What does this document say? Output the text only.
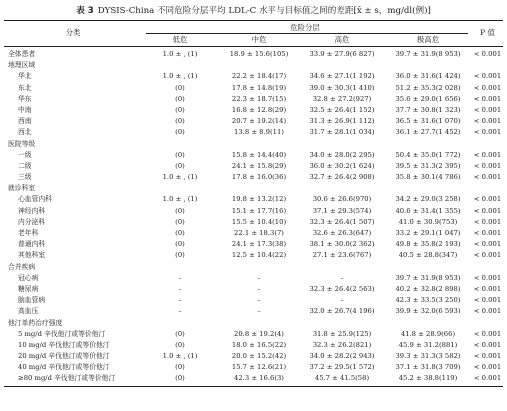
表 3 DYSIS-China 不同危险分层平均 LDL-C 水平与目标值之间的差距[x̄ ± s，mg/dl(例)]
分类
危险分层
低危	中危	高危	极高危
P 值
全体患者	1.0 ± , (1)	18.9 ± 15.6(105)	33.9 ± 27.9(6 827)	39.7 ± 31.9(8 953)	< 0.001
地理区域
华北	1.0 ± , (1)	22.2 ± 18.4(17)	34.6 ± 27.1(1 192)	36.0 ± 31.6(1 424)	< 0.001
东北	(0)	17.8 ± 14.8(19)	39.0 ± 30.3(1 410)	51.2 ± 35.3(2 028)	< 0.001
华东	(0)	22.3 ± 18.7(15)	32.8 ± 27.2(927)	35.6 ± 29.0(1 656)	< 0.001
中南	(0)	16.8 ± 12.8(29)	32.5 ± 26.4(1 152)	37.7 ± 30.8(1 323)	< 0.001
西南	(0)	20.7 ± 19.2(14)	31.3 ± 26.9(1 112)	36.5 ± 31.6(1 070)	< 0.001
西北	(0)	13.8 ± 8.9(11)	31.7 ± 28.1(1 034)	36.1 ± 27.7(1 452)	< 0.001
医院等级
一级	(0)	15.8 ± 14.4(40)	34.0 ± 28.0(2 295)	50.4 ± 35.0(1 772)	< 0.001
二级	(0)	24.1 ± 15.8(29)	36.0 ± 30.2(1 624)	39.5 ± 31.3(2 395)	< 0.001
三级	1.0 ± , (1)	17.8 ± 16.0(36)	32.7 ± 26.4(2 908)	35.8 ± 30.1(4 786)	< 0.001
就诊科室
心血管内科	1.0 ± , (1)	19.8 ± 13.2(12)	30.6 ± 26.6(970)	34.2 ± 29.0(3 258)	< 0.001
神经内科	(0)	15.1 ± 17.7(16)	37.1 ± 29.3(574)	40.6 ± 31.4(1 355)	< 0.001
内分泌科	(0)	15.5 ± 10.4(10)	32.3 ± 26.4(1 507)	41.0 ± 30.9(753)	< 0.001
老年科	(0)	22.1 ± 18.3(7)	32.6 ± 26.3(647)	33.2 ± 29.1(1 047)	< 0.001
普通内科	(0)	24.1 ± 17.3(38)	38.1 ± 30.0(2 362)	49.8 ± 35.8(2 193)	< 0.001
其他科室	(0)	12.5 ± 10.4(22)	27.1 ± 23.6(767)	40.5 ± 28.8(347)	< 0.001
合并疾病
冠心病	–	–	–	39.7 ± 31.9(8 953)	< 0.001
糖尿病	–	–	32.3 ± 26.4(2 563)	40.2 ± 32.8(2 898)	< 0.001
脑血管病	–	–	–	42.3 ± 33.5(3 250)	< 0.001
高血压	–	–	32.0 ± 26.7(4 196)	39.9 ± 32.0(6 593)	< 0.001
他汀单药治疗强度
5 mg/d 辛伐他汀或等价他汀	(0)	20.8 ± 19.2(4)	31.8 ± 25.9(125)	41.8 ± 28.9(66)	< 0.001
10 mg/d 辛伐他汀或等价他汀	(0)	18.0 ± 16.5(22)	32.3 ± 26.2(821)	45.9 ± 31.2(881)	< 0.001
20 mg/d 辛伐他汀或等价他汀	1.0 ± , (1)	20.0 ± 15.2(42)	34.0 ± 28.2(2 943)	39.3 ± 31.3(3 582)	< 0.001
40 mg/d 辛伐他汀或等价他汀	(0)	15.7 ± 12.6(21)	37.2 ± 29.5(1 572)	37.1 ± 31.8(3 709)	< 0.001
≥80 mg/d 辛伐他汀或等价他汀	(0)	42.3 ± 16.6(3)	45.7 ± 41.5(58)	45.2 ± 38.8(119)	< 0.001
